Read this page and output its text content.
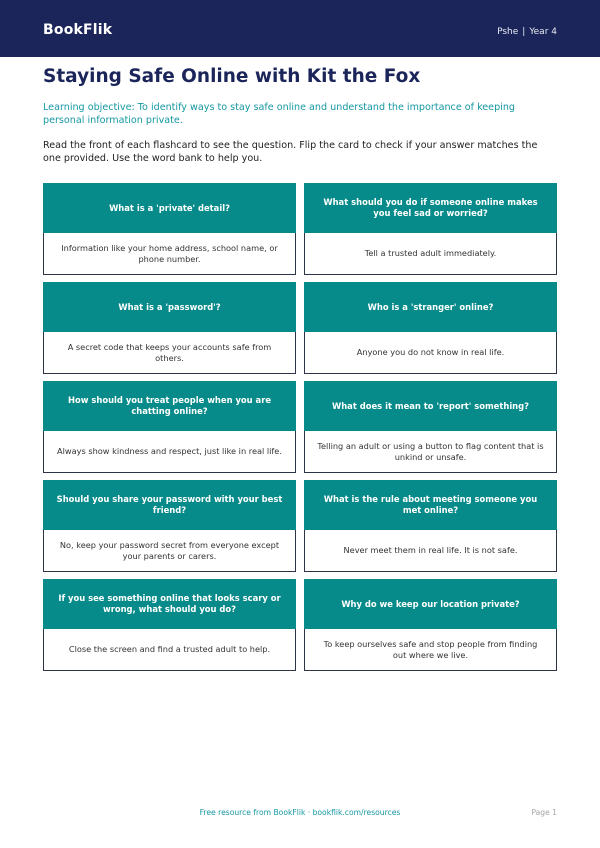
BookFlik	Pshe | Year 4
Staying Safe Online with Kit the Fox

Learning objective: To identify ways to stay safe online and understand the importance of keeping personal information private.

Read the front of each flashcard to see the question. Flip the card to check if your answer matches the one provided. Use the word bank to help you.

What is a 'private' detail?
Information like your home address, school name, or phone number.
What should you do if someone online makes you feel sad or worried?
Tell a trusted adult immediately.
What is a 'password'?
A secret code that keeps your accounts safe from others.
Who is a 'stranger' online?
Anyone you do not know in real life.
How should you treat people when you are chatting online?
Always show kindness and respect, just like in real life.
What does it mean to 'report' something?
Telling an adult or using a button to flag content that is unkind or unsafe.
Should you share your password with your best friend?
No, keep your password secret from everyone except your parents or carers.
What is the rule about meeting someone you met online?
Never meet them in real life. It is not safe.
If you see something online that looks scary or wrong, what should you do?
Close the screen and find a trusted adult to help.
Why do we keep our location private?
To keep ourselves safe and stop people from finding out where we live.
Free resource from BookFlik · bookflik.com/resources	Page 1
